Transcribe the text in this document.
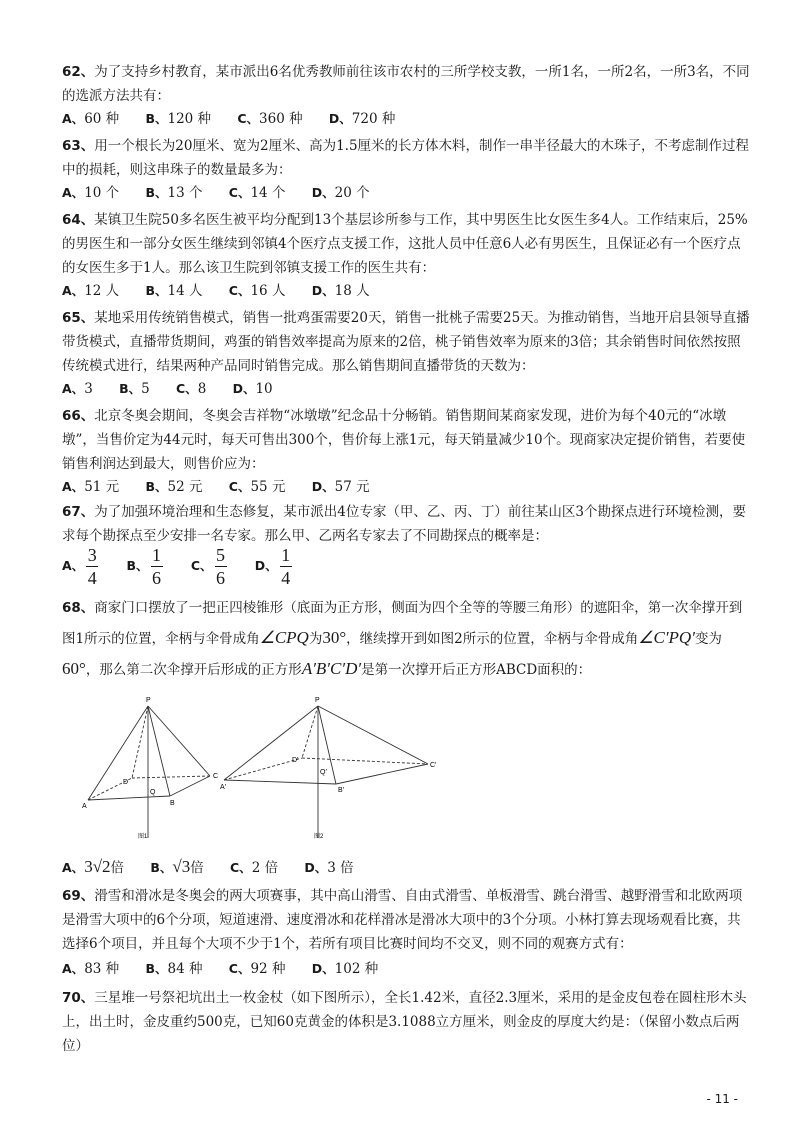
62、为了支持乡村教育，某市派出6名优秀教师前往该市农村的三所学校支教，一所1名，一所2名，一所3名，不同的选派方法共有：
A、60 种 B、120 种 C、360 种 D、720 种
63、用一个根长为20厘米、宽为2厘米、高为1.5厘米的长方体木料，制作一串半径最大的木珠子，不考虑制作过程中的损耗，则这串珠子的数量最多为：
A、10 个 B、13 个 C、14 个 D、20 个
64、某镇卫生院50多名医生被平均分配到13个基层诊所参与工作，其中男医生比女医生多4人。工作结束后，25%的男医生和一部分女医生继续到邻镇4个医疗点支援工作，这批人员中任意6人必有男医生，且保证必有一个医疗点的女医生多于1人。那么该卫生院到邻镇支援工作的医生共有：
A、12 人 B、14 人 C、16 人 D、18 人
65、某地采用传统销售模式，销售一批鸡蛋需要20天，销售一批桃子需要25天。为推动销售，当地开启县领导直播带货模式，直播带货期间，鸡蛋的销售效率提高为原来的2倍，桃子销售效率为原来的3倍；其余销售时间依然按照传统模式进行，结果两种产品同时销售完成。那么销售期间直播带货的天数为：
A、3 B、5 C、8 D、10
66、北京冬奥会期间，冬奥会吉祥物“冰墩墩”纪念品十分畅销。销售期间某商家发现，进价为每个40元的“冰墩墩”，当售价定为44元时，每天可售出300个，售价每上涨1元，每天销量减少10个。现商家决定提价销售，若要使销售利润达到最大，则售价应为：
A、51 元 B、52 元 C、55 元 D、57 元
67、为了加强环境治理和生态修复，某市派出4位专家（甲、乙、丙、丁）前往某山区3个勘探点进行环境检测，要求每个勘探点至少安排一名专家。那么甲、乙两名专家去了不同勘探点的概率是：
A、 $\frac{3}{4}$ B、 $\frac{1}{6}$ C、 $\frac{5}{6}$ D、 $\frac{1}{4}$
68、商家门口摆放了一把正四棱锥形（底面为正方形，侧面为四个全等的等腰三角形）的遮阳伞，第一次伞撑开到图1所示的位置，伞柄与伞骨成角∠CPQ为30°，继续撑开到如图2所示的位置，伞柄与伞骨成角∠C′PQ′变为60°，那么第二次伞撑开后形成的正方形A′B′C′D′是第一次撑开后正方形ABCD面积的：
P
A	B
C
D
Q
图1
P
A′	B′
C′
D′
Q′
图2
A、3√2倍 B、√3倍 C、2 倍 D、3 倍
69、滑雪和滑冰是冬奥会的两大项赛事，其中高山滑雪、自由式滑雪、单板滑雪、跳台滑雪、越野滑雪和北欧两项是滑雪大项中的6个分项，短道速滑、速度滑冰和花样滑冰是滑冰大项中的3个分项。小林打算去现场观看比赛，共选择6个项目，并且每个大项不少于1个，若所有项目比赛时间均不交叉，则不同的观赛方式有：
A、83 种 B、84 种 C、92 种 D、102 种
70、三星堆一号祭祀坑出土一枚金杖（如下图所示），全长1.42米，直径2.3厘米，采用的是金皮包卷在圆柱形木头上，出土时，金皮重约500克，已知60克黄金的体积是3.1088立方厘米，则金皮的厚度大约是：（保留小数点后两位）
- 11 -
